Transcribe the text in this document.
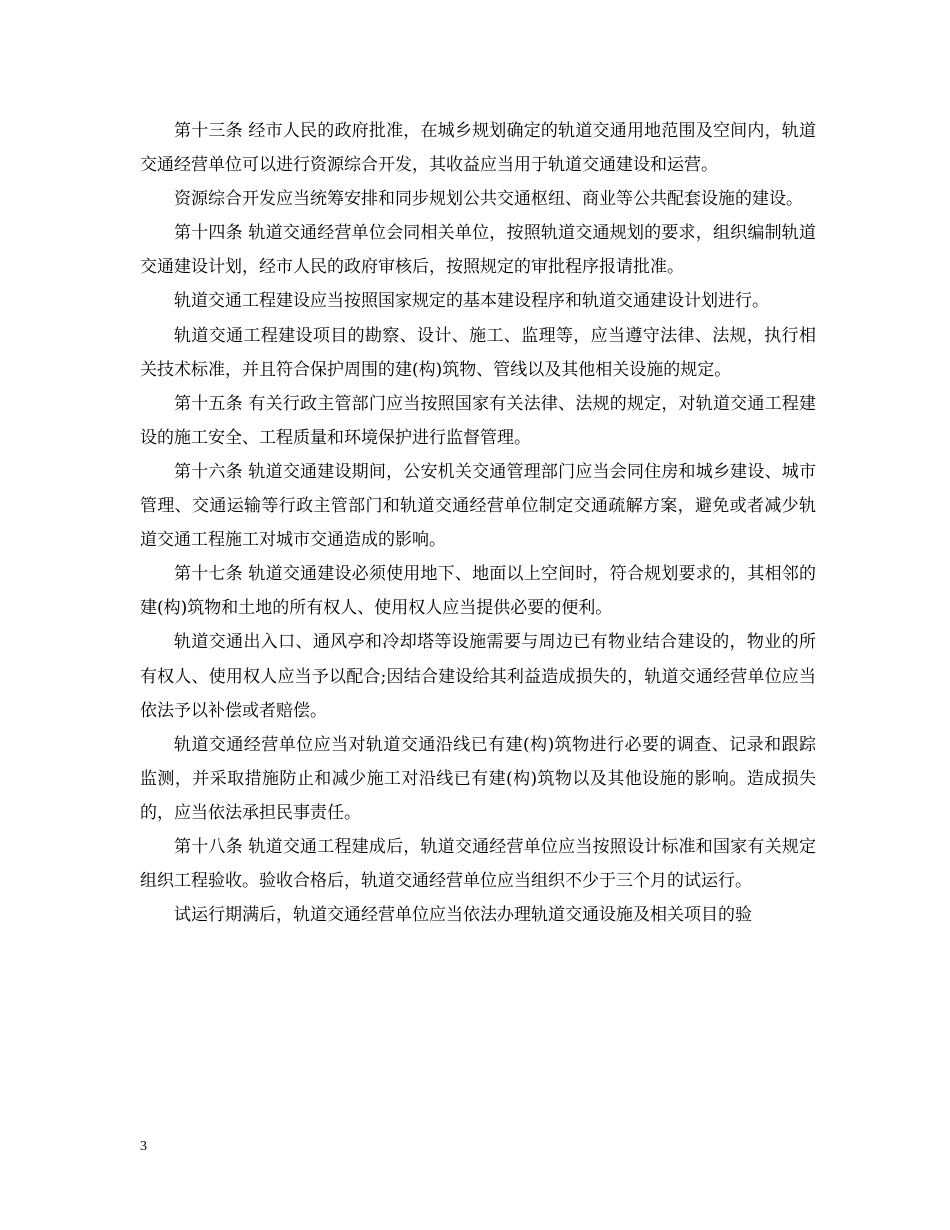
第十三条 经市人民的政府批准，在城乡规划确定的轨道交通用地范围及空间内，轨道交通经营单位可以进行资源综合开发，其收益应当用于轨道交通建设和运营。

资源综合开发应当统筹安排和同步规划公共交通枢纽、商业等公共配套设施的建设。

第十四条 轨道交通经营单位会同相关单位，按照轨道交通规划的要求，组织编制轨道交通建设计划，经市人民的政府审核后，按照规定的审批程序报请批准。

轨道交通工程建设应当按照国家规定的基本建设程序和轨道交通建设计划进行。

轨道交通工程建设项目的勘察、设计、施工、监理等，应当遵守法律、法规，执行相关技术标准，并且符合保护周围的建(构)筑物、管线以及其他相关设施的规定。

第十五条 有关行政主管部门应当按照国家有关法律、法规的规定，对轨道交通工程建设的施工安全、工程质量和环境保护进行监督管理。

第十六条 轨道交通建设期间，公安机关交通管理部门应当会同住房和城乡建设、城市管理、交通运输等行政主管部门和轨道交通经营单位制定交通疏解方案，避免或者减少轨道交通工程施工对城市交通造成的影响。

第十七条 轨道交通建设必须使用地下、地面以上空间时，符合规划要求的，其相邻的建(构)筑物和土地的所有权人、使用权人应当提供必要的便利。

轨道交通出入口、通风亭和冷却塔等设施需要与周边已有物业结合建设的，物业的所有权人、使用权人应当予以配合;因结合建设给其利益造成损失的，轨道交通经营单位应当依法予以补偿或者赔偿。

轨道交通经营单位应当对轨道交通沿线已有建(构)筑物进行必要的调查、记录和跟踪监测，并采取措施防止和减少施工对沿线已有建(构)筑物以及其他设施的影响。造成损失的，应当依法承担民事责任。

第十八条 轨道交通工程建成后，轨道交通经营单位应当按照设计标准和国家有关规定组织工程验收。验收合格后，轨道交通经营单位应当组织不少于三个月的试运行。

试运行期满后，轨道交通经营单位应当依法办理轨道交通设施及相关项目的验

3
